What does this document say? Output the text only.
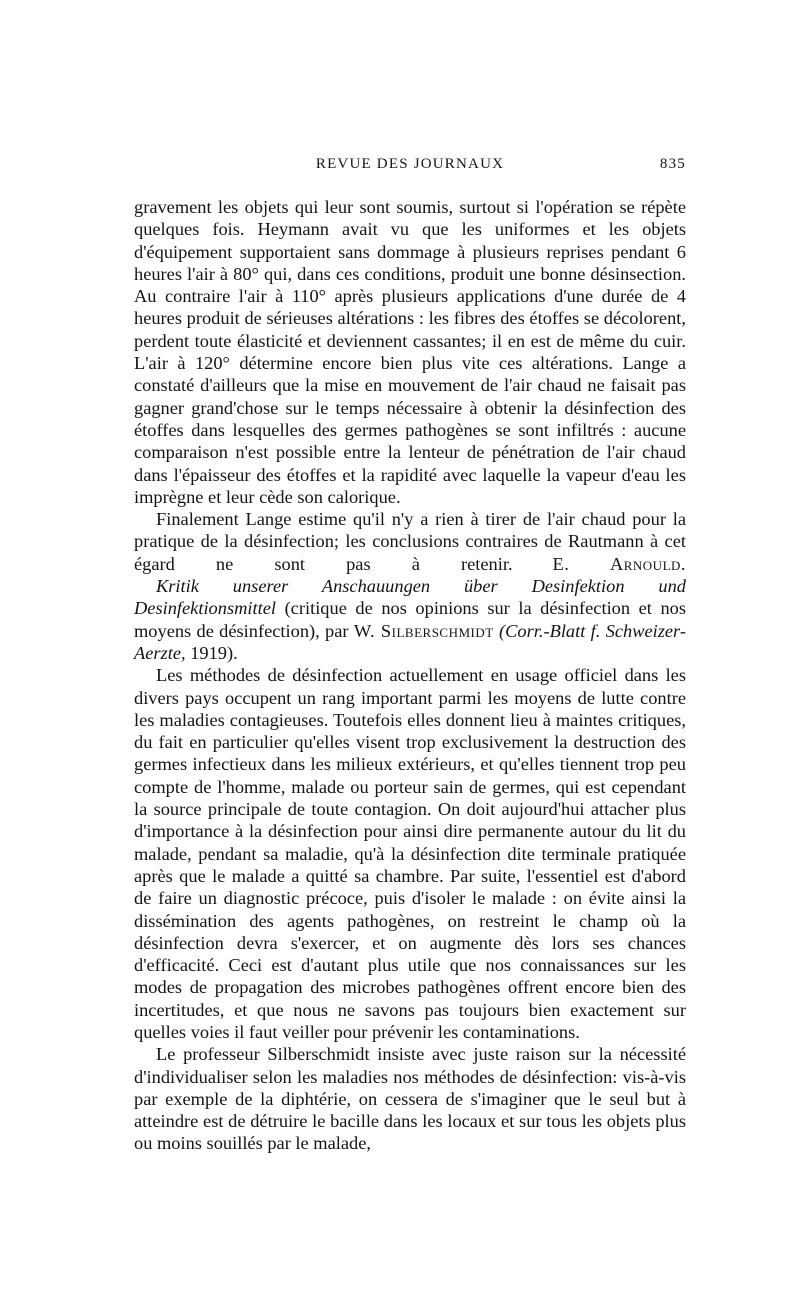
REVUE DES JOURNAUX	835

gravement les objets qui leur sont soumis, surtout si l'opération se répète quelques fois. Heymann avait vu que les uniformes et les objets d'équipement supportaient sans dommage à plusieurs reprises pendant 6 heures l'air à 80° qui, dans ces conditions, produit une bonne désinsection. Au contraire l'air à 110° après plusieurs applications d'une durée de 4 heures produit de sérieuses altérations : les fibres des étoffes se décolorent, perdent toute élasticité et deviennent cassantes; il en est de même du cuir. L'air à 120° détermine encore bien plus vite ces altérations. Lange a constaté d'ailleurs que la mise en mouvement de l'air chaud ne faisait pas gagner grand'chose sur le temps nécessaire à obtenir la désinfection des étoffes dans lesquelles des germes pathogènes se sont infiltrés : aucune comparaison n'est possible entre la lenteur de pénétration de l'air chaud dans l'épaisseur des étoffes et la rapidité avec laquelle la vapeur d'eau les imprègne et leur cède son calorique.

Finalement Lange estime qu'il n'y a rien à tirer de l'air chaud pour la pratique de la désinfection; les conclusions contraires de Rautmann à cet égard ne sont pas à retenir. E. Arnould.

Kritik unserer Anschauungen über Desinfektion und Desinfektionsmittel (critique de nos opinions sur la désinfection et nos moyens de désinfection), par W. Silberschmidt (Corr.-Blatt f. Schweizer-Aerzte, 1919).

Les méthodes de désinfection actuellement en usage officiel dans les divers pays occupent un rang important parmi les moyens de lutte contre les maladies contagieuses. Toutefois elles donnent lieu à maintes critiques, du fait en particulier qu'elles visent trop exclusivement la destruction des germes infectieux dans les milieux extérieurs, et qu'elles tiennent trop peu compte de l'homme, malade ou porteur sain de germes, qui est cependant la source principale de toute contagion. On doit aujourd'hui attacher plus d'importance à la désinfection pour ainsi dire permanente autour du lit du malade, pendant sa maladie, qu'à la désinfection dite terminale pratiquée après que le malade a quitté sa chambre. Par suite, l'essentiel est d'abord de faire un diagnostic précoce, puis d'isoler le malade : on évite ainsi la dissémination des agents pathogènes, on restreint le champ où la désinfection devra s'exercer, et on augmente dès lors ses chances d'efficacité. Ceci est d'autant plus utile que nos connaissances sur les modes de propagation des microbes pathogènes offrent encore bien des incertitudes, et que nous ne savons pas toujours bien exactement sur quelles voies il faut veiller pour prévenir les contaminations.

Le professeur Silberschmidt insiste avec juste raison sur la nécessité d'individualiser selon les maladies nos méthodes de désinfection: vis-à-vis par exemple de la diphtérie, on cessera de s'imaginer que le seul but à atteindre est de détruire le bacille dans les locaux et sur tous les objets plus ou moins souillés par le malade,
